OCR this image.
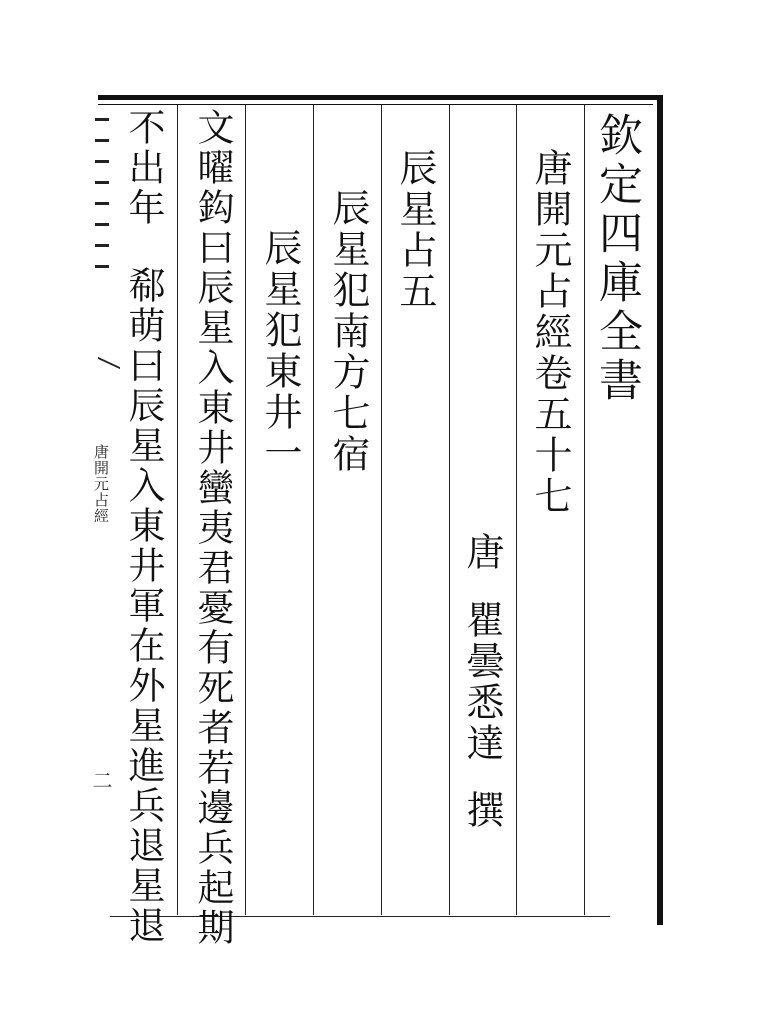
欽定四庫全書
唐開元占經卷五十七
唐
瞿曇悉達
撰
辰星占五
辰星犯南方七宿
辰星犯東井一
文曜鈎曰辰星入東井蠻夷君憂有死者若邊兵起期
不出年
郗萌曰辰星入東井軍在外星進兵退星退
唐開元占經
二
